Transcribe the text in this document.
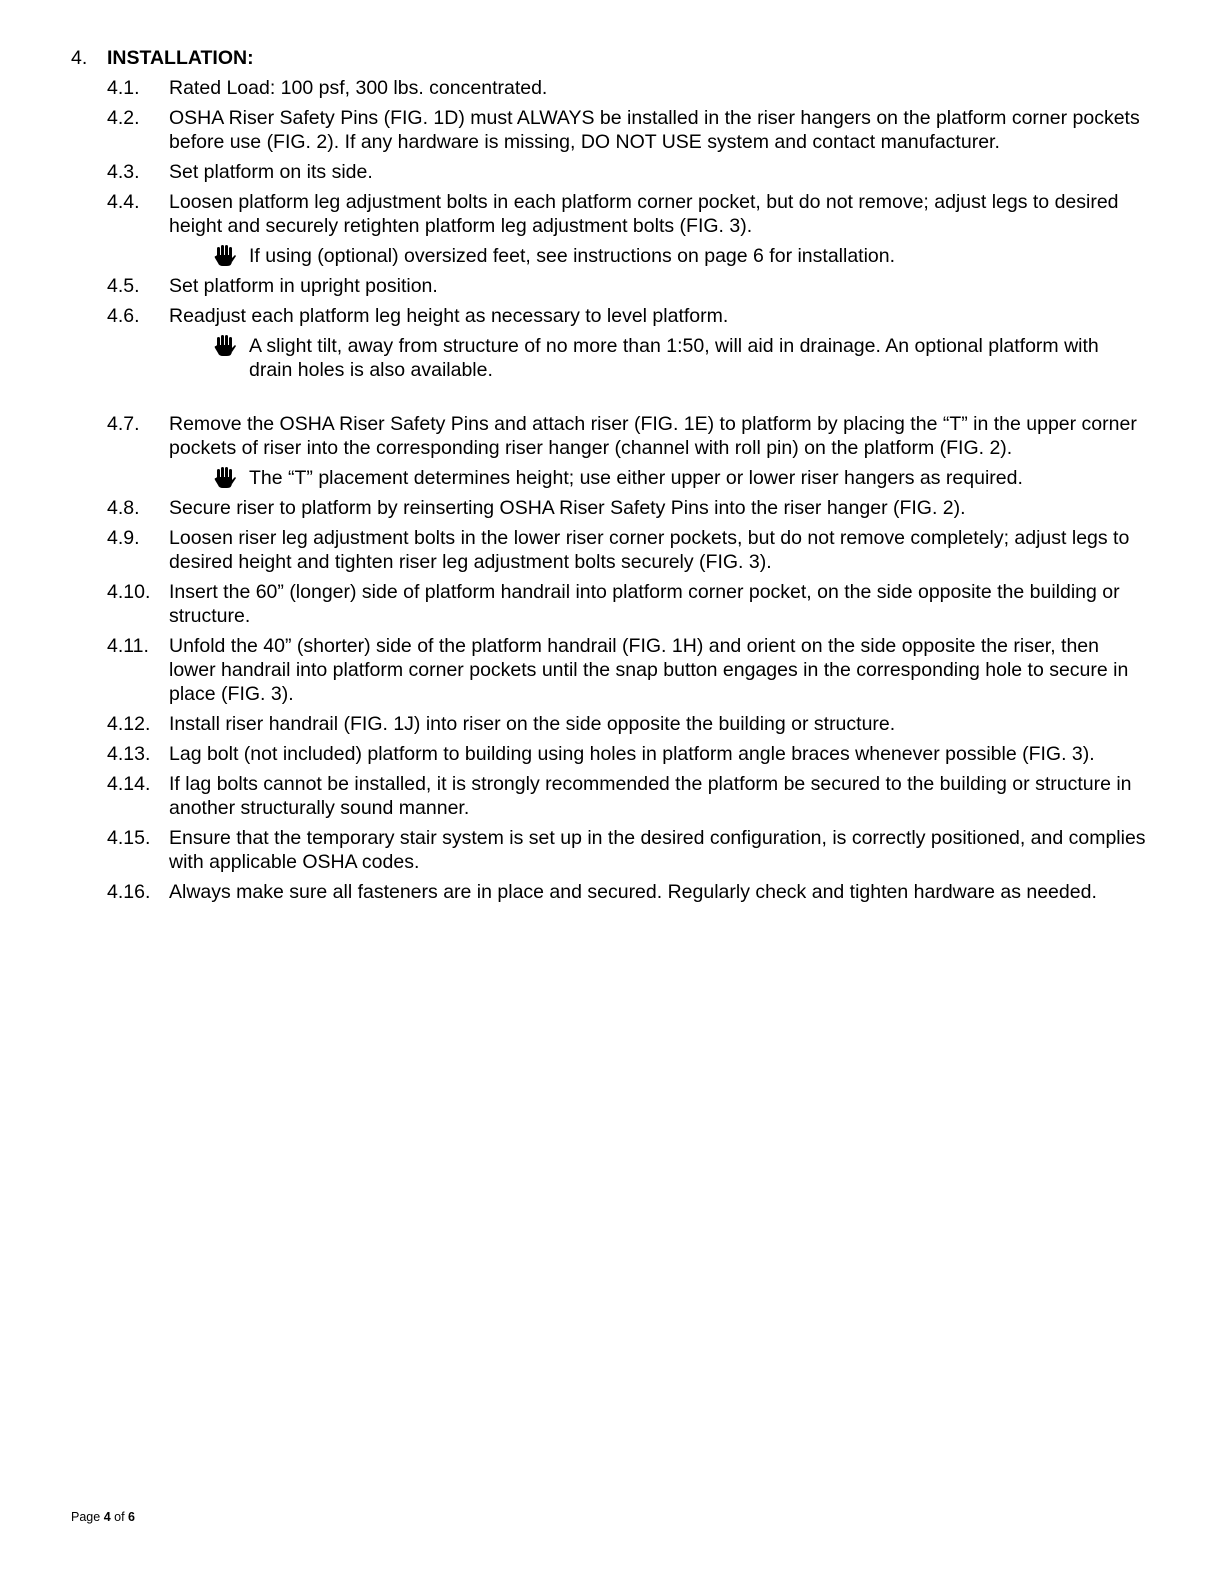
4. INSTALLATION:
4.1. Rated Load: 100 psf, 300 lbs. concentrated.
4.2. OSHA Riser Safety Pins (FIG. 1D) must ALWAYS be installed in the riser hangers on the platform corner pockets before use (FIG. 2). If any hardware is missing, DO NOT USE system and contact manufacturer.
4.3. Set platform on its side.
4.4. Loosen platform leg adjustment bolts in each platform corner pocket, but do not remove; adjust legs to desired height and securely retighten platform leg adjustment bolts (FIG. 3).
If using (optional) oversized feet, see instructions on page 6 for installation.
4.5. Set platform in upright position.
4.6. Readjust each platform leg height as necessary to level platform.
A slight tilt, away from structure of no more than 1:50, will aid in drainage. An optional platform with drain holes is also available.
4.7. Remove the OSHA Riser Safety Pins and attach riser (FIG. 1E) to platform by placing the “T” in the upper corner pockets of riser into the corresponding riser hanger (channel with roll pin) on the platform (FIG. 2).
The “T” placement determines height; use either upper or lower riser hangers as required.
4.8. Secure riser to platform by reinserting OSHA Riser Safety Pins into the riser hanger (FIG. 2).
4.9. Loosen riser leg adjustment bolts in the lower riser corner pockets, but do not remove completely; adjust legs to desired height and tighten riser leg adjustment bolts securely (FIG. 3).
4.10. Insert the 60” (longer) side of platform handrail into platform corner pocket, on the side opposite the building or structure.
4.11. Unfold the 40” (shorter) side of the platform handrail (FIG. 1H) and orient on the side opposite the riser, then lower handrail into platform corner pockets until the snap button engages in the corresponding hole to secure in place (FIG. 3).
4.12. Install riser handrail (FIG. 1J) into riser on the side opposite the building or structure.
4.13. Lag bolt (not included) platform to building using holes in platform angle braces whenever possible (FIG. 3).
4.14. If lag bolts cannot be installed, it is strongly recommended the platform be secured to the building or structure in another structurally sound manner.
4.15. Ensure that the temporary stair system is set up in the desired configuration, is correctly positioned, and complies with applicable OSHA codes.
4.16. Always make sure all fasteners are in place and secured. Regularly check and tighten hardware as needed.
Page 4 of 6
